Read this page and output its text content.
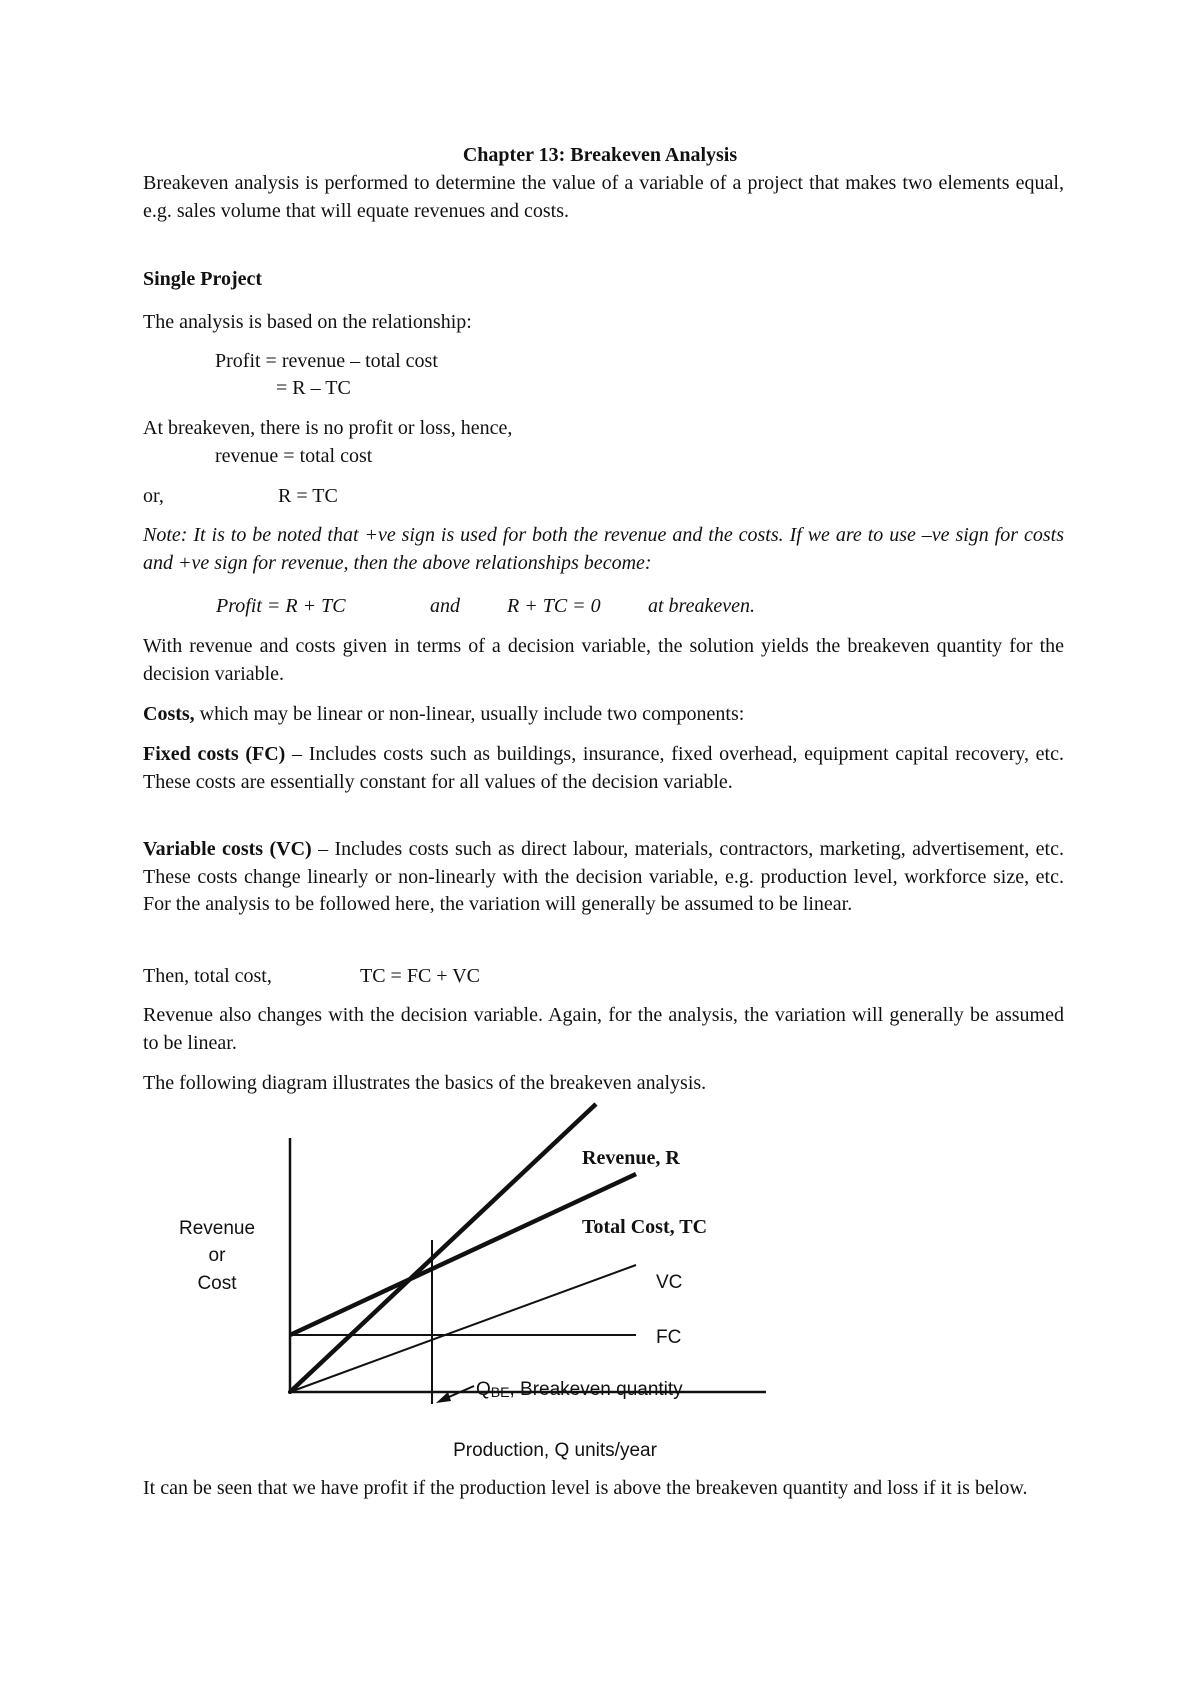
Chapter 13: Breakeven Analysis
Breakeven analysis is performed to determine the value of a variable of a project that makes two elements equal, e.g. sales volume that will equate revenues and costs.
Single Project
The analysis is based on the relationship:
Profit = revenue – total cost
= R – TC
At breakeven, there is no profit or loss, hence,
revenue = total cost
or,	R = TC
Note: It is to be noted that +ve sign is used for both the revenue and the costs. If we are to use –ve sign for costs and +ve sign for revenue, then the above relationships become:
Profit = R + TC	and R + TC = 0 at breakeven.
With revenue and costs given in terms of a decision variable, the solution yields the breakeven quantity for the decision variable.
Costs, which may be linear or non-linear, usually include two components:
Fixed costs (FC) – Includes costs such as buildings, insurance, fixed overhead, equipment capital recovery, etc. These costs are essentially constant for all values of the decision variable.
Variable costs (VC) – Includes costs such as direct labour, materials, contractors, marketing, advertisement, etc. These costs change linearly or non-linearly with the decision variable, e.g. production level, workforce size, etc. For the analysis to be followed here, the variation will generally be assumed to be linear.
Then, total cost,	TC = FC + VC
Revenue also changes with the decision variable. Again, for the analysis, the variation will generally be assumed to be linear.
The following diagram illustrates the basics of the breakeven analysis.
Revenue
or
Cost
Revenue, R
Total Cost, TC
VC
FC
QBE, Breakeven quantity
Production, Q units/year
It can be seen that we have profit if the production level is above the breakeven quantity and loss if it is below.
